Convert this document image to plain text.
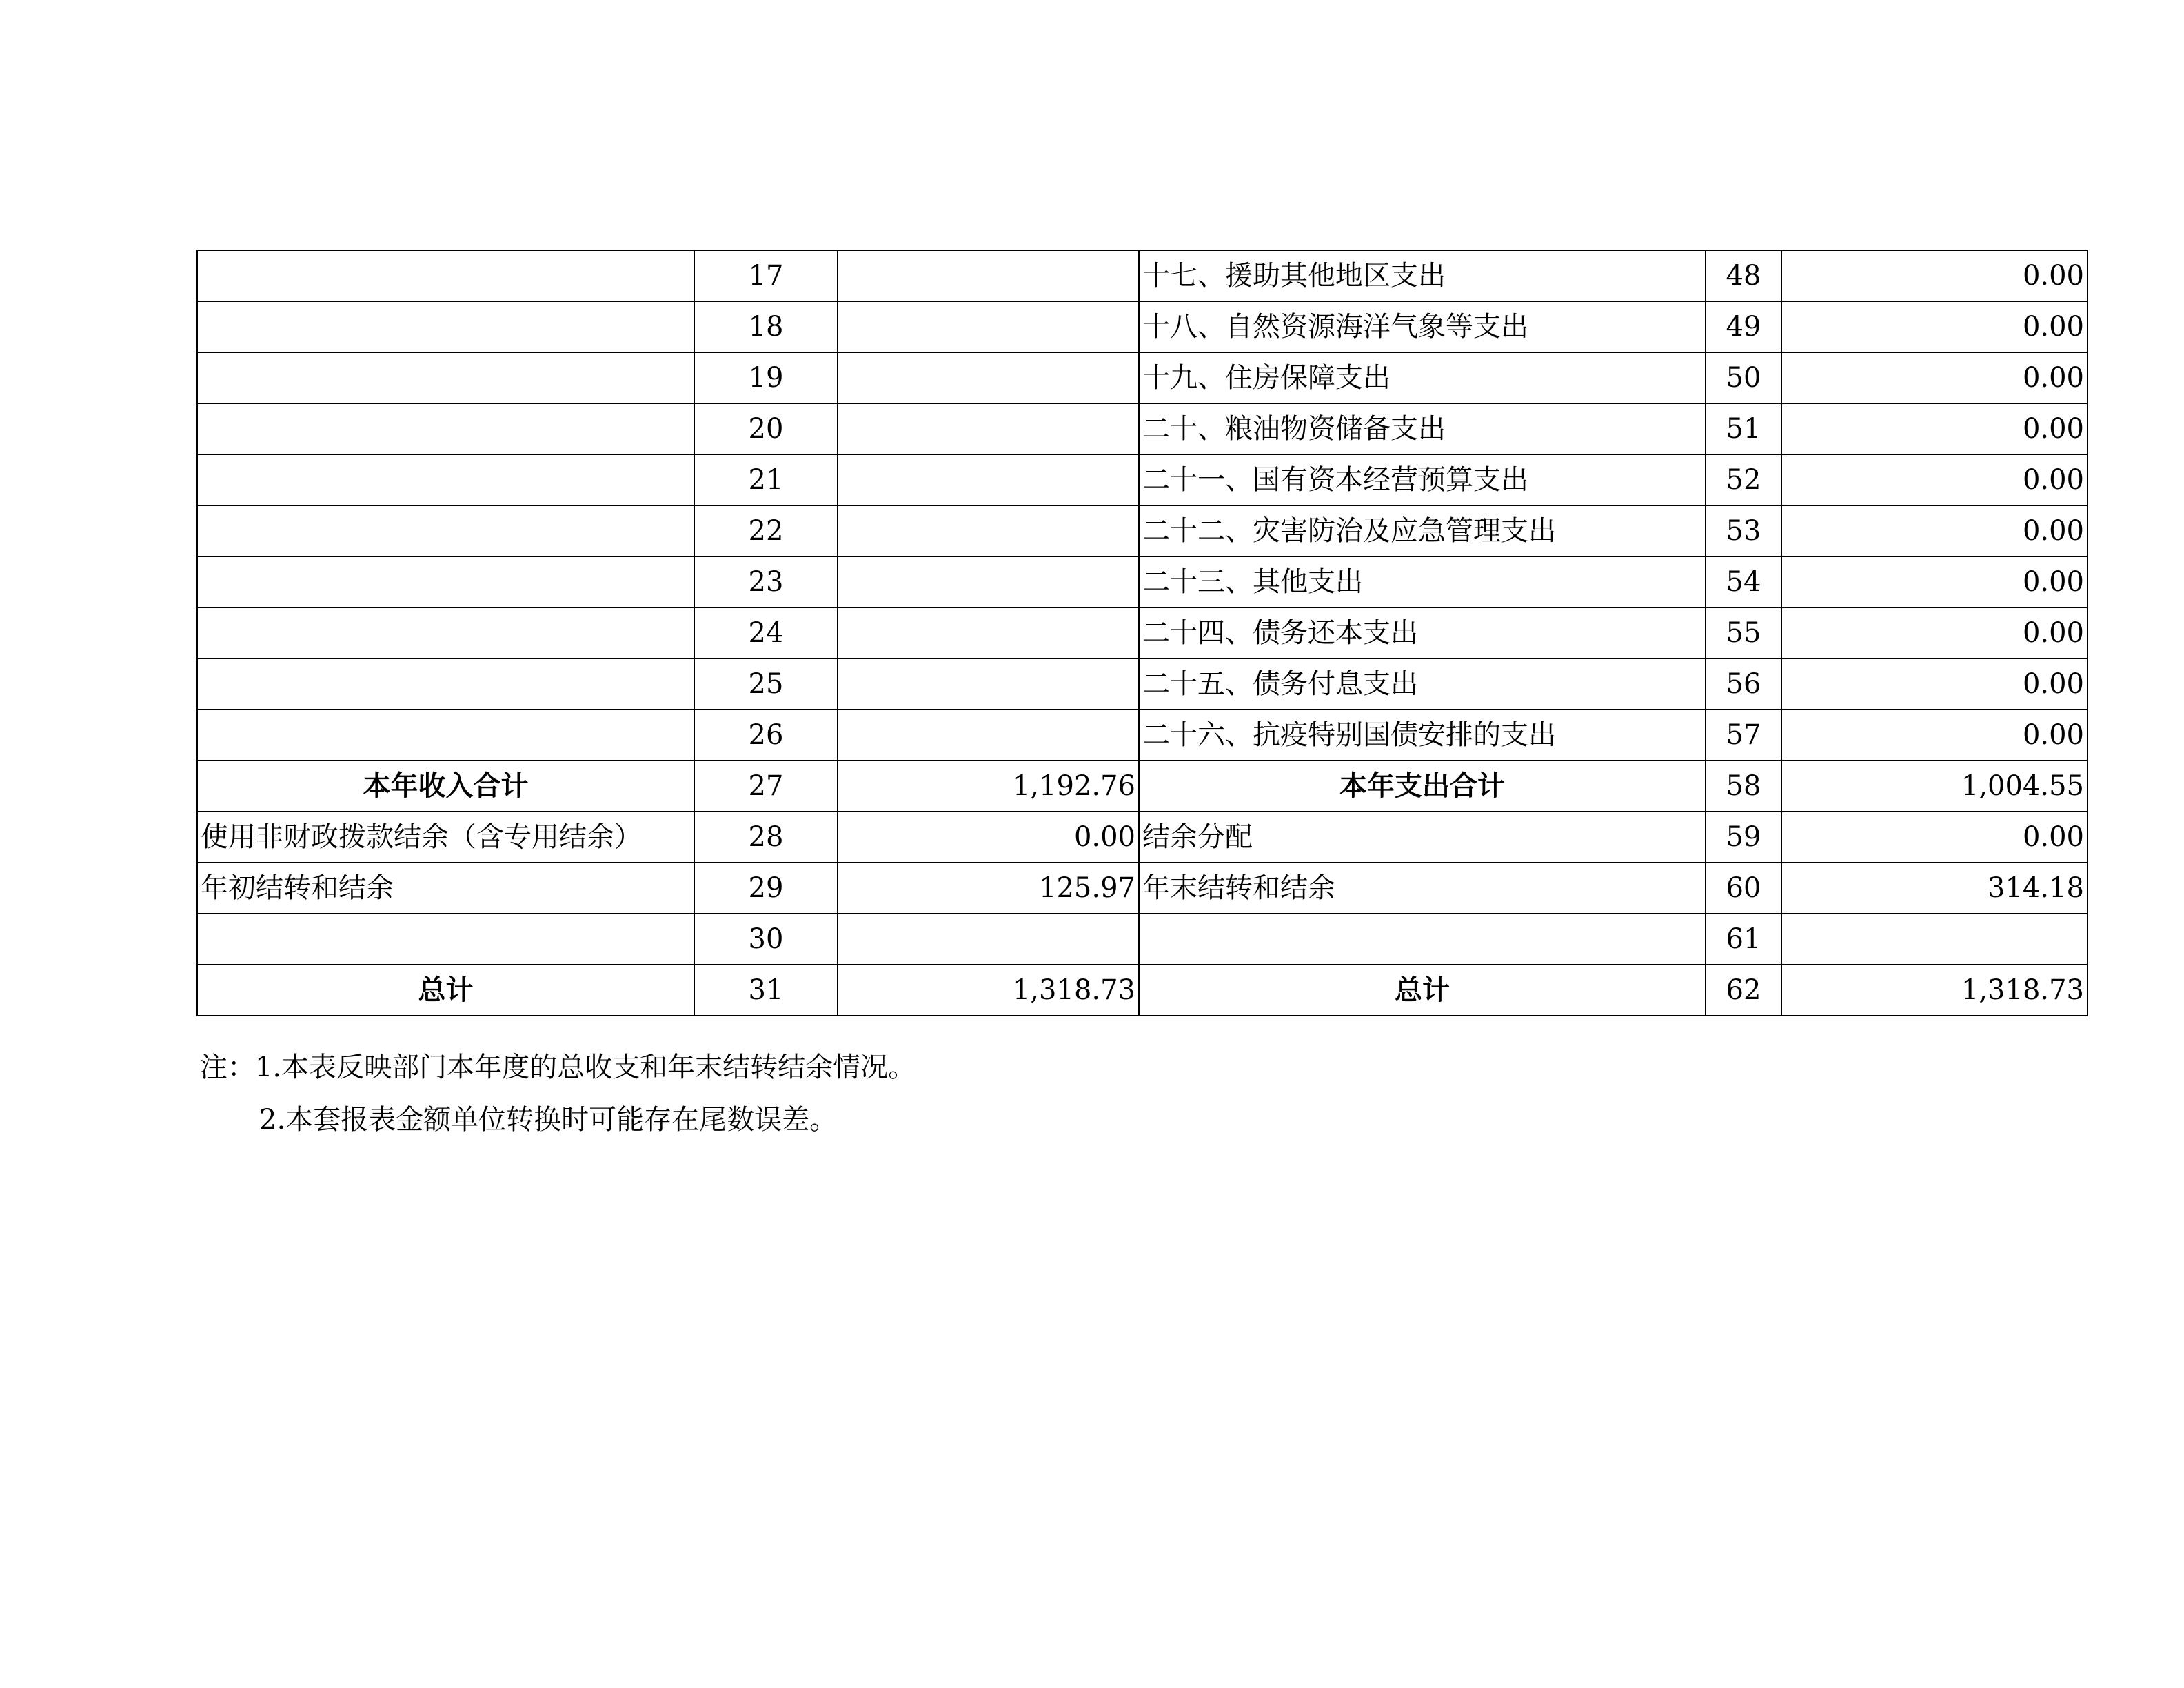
	17		十七、援助其他地区支出	48	0.00
	18		十八、自然资源海洋气象等支出	49	0.00
	19		十九、住房保障支出	50	0.00
	20		二十、粮油物资储备支出	51	0.00
	21		二十一、国有资本经营预算支出	52	0.00
	22		二十二、灾害防治及应急管理支出	53	0.00
	23		二十三、其他支出	54	0.00
	24		二十四、债务还本支出	55	0.00
	25		二十五、债务付息支出	56	0.00
	26		二十六、抗疫特别国债安排的支出	57	0.00
本年收入合计	27	1,192.76	本年支出合计	58	1,004.55
使用非财政拨款结余（含专用结余）	28	0.00	结余分配	59	0.00
年初结转和结余	29	125.97	年末结转和结余	60	314.18
	30			61	
总计	31	1,318.73	总计	62	1,318.73
注：1.本表反映部门本年度的总收支和年末结转结余情况。
2.本套报表金额单位转换时可能存在尾数误差。
